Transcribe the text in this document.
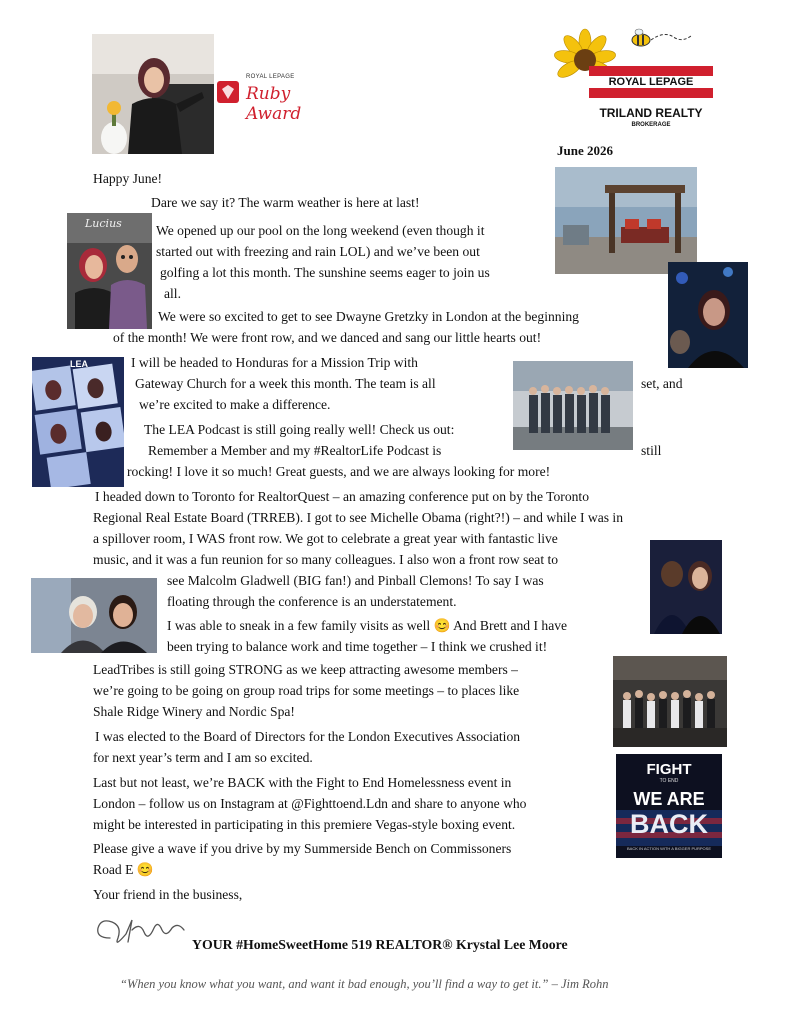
ROYAL LEPAGE
Ruby Award
ROYAL LEPAGE
TRILAND REALTY
BROKERAGE
June 2026
Lucius
LEA
FIGHT
TO END
WE ARE
BACK
BACK IN ACTION WITH A BIGGER PURPOSE
Happy June!
Dare we say it? The warm weather is here at last!
We opened up our pool on the long weekend (even though it
started out with freezing and rain LOL) and we’ve been out
golfing a lot this month. The sunshine seems eager to join us
all.
We were so excited to get to see Dwayne Gretzky in London at the beginning
of the month! We were front row, and we danced and sang our little hearts out!
I will be headed to Honduras for a Mission Trip with
Gateway Church for a week this month. The team is all	set, and
we’re excited to make a difference.
The LEA Podcast is still going really well! Check us out:
Remember a Member and my #RealtorLife Podcast is	still
rocking! I love it so much! Great guests, and we are always looking for more!
I headed down to Toronto for RealtorQuest – an amazing conference put on by the Toronto
Regional Real Estate Board (TRREB). I got to see Michelle Obama (right?!) – and while I was in
a spillover room, I WAS front row. We got to celebrate a great year with fantastic live
music, and it was a fun reunion for so many colleagues. I also won a front row seat to
see Malcolm Gladwell (BIG fan!) and Pinball Clemons! To say I was
floating through the conference is an understatement.
I was able to sneak in a few family visits as well 😊 And Brett and I have
been trying to balance work and time together – I think we crushed it!
LeadTribes is still going STRONG as we keep attracting awesome members –
we’re going to be going on group road trips for some meetings – to places like
Shale Ridge Winery and Nordic Spa!
I was elected to the Board of Directors for the London Executives Association
for next year’s term and I am so excited.
Last but not least, we’re BACK with the Fight to End Homelessness event in
London – follow us on Instagram at @Fighttoend.Ldn and share to anyone who
might be interested in participating in this premiere Vegas-style boxing event.
Please give a wave if you drive by my Summerside Bench on Commissoners
Road E 😊
Your friend in the business,
YOUR #HomeSweetHome 519 REALTOR® Krystal Lee Moore
“When you know what you want, and want it bad enough, you’ll find a way to get it.” – Jim Rohn
